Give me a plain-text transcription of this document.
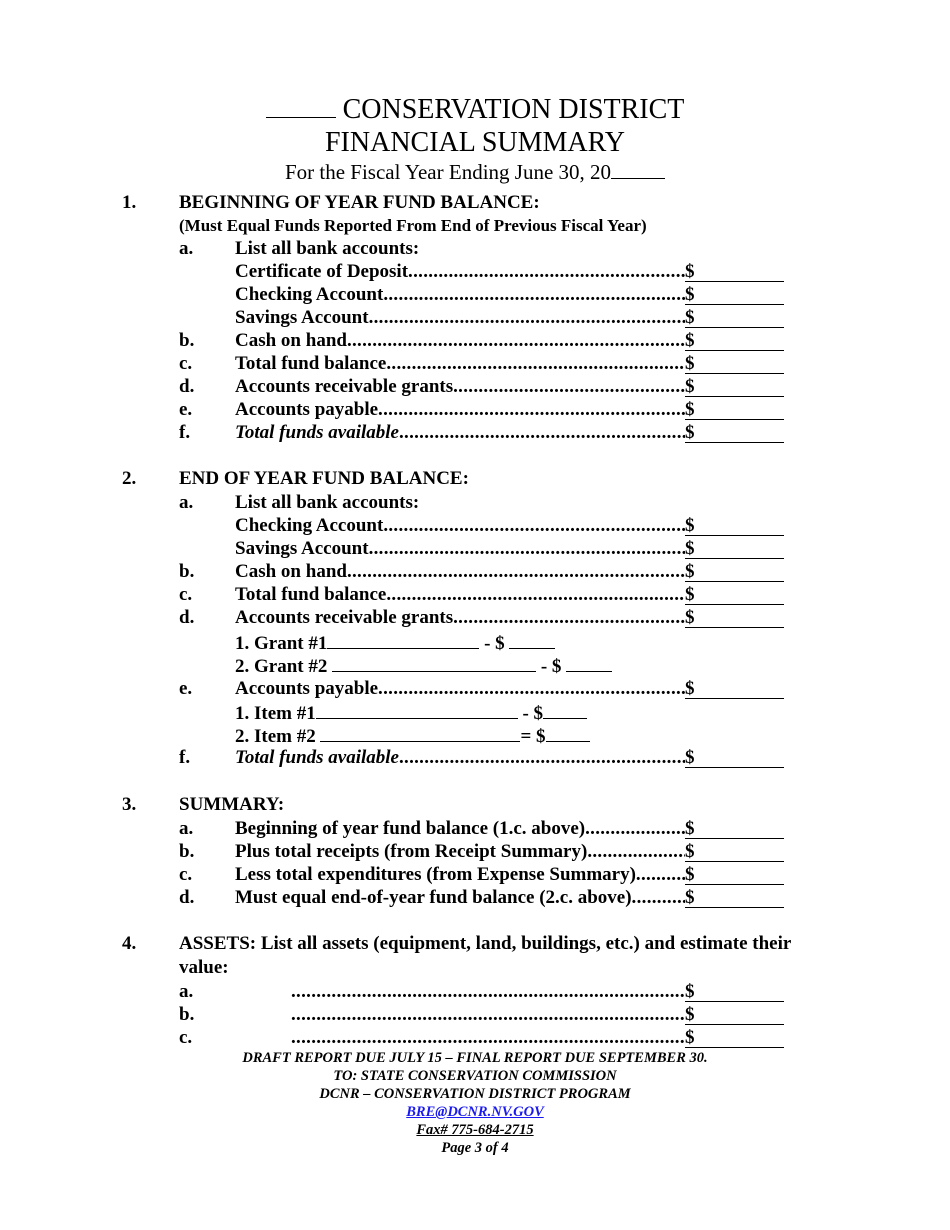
CONSERVATION DISTRICT
FINANCIAL SUMMARY
For the Fiscal Year Ending June 30, 20
1. BEGINNING OF YEAR FUND BALANCE:
(Must Equal Funds Reported From End of Previous Fiscal Year)
a. List all bank accounts:
Certificate of Deposit .....	$
Checking Account .....	$
Savings Account .....	$
b. Cash on hand .....	$
c. Total fund balance .....	$
d. Accounts receivable grants .....	$
e. Accounts payable .....	$
f. Total funds available .....	$
2. END OF YEAR FUND BALANCE:
a. List all bank accounts:
Checking Account .....	$
Savings Account .....	$
b. Cash on hand .....	$
c. Total fund balance .....	$
d. Accounts receivable grants .....	$
1. Grant #1	- $
2. Grant #2	- $
e. Accounts payable .....	$
1. Item #1	- $
2. Item #2	= $
f. Total funds available .....	$
3. SUMMARY:
a. Beginning of year fund balance (1.c. above) .....	$
b. Plus total receipts (from Receipt Summary) .....	$
c. Less total expenditures (from Expense Summary) .....	$
d. Must equal end-of-year fund balance (2.c. above) .....	$
4. ASSETS: List all assets (equipment, land, buildings, etc.) and estimate their
value:
a. .....	$
b. .....	$
c. .....	$
DRAFT REPORT DUE JULY 15 – FINAL REPORT DUE SEPTEMBER 30.
TO: STATE CONSERVATION COMMISSION
DCNR – CONSERVATION DISTRICT PROGRAM
BRE@DCNR.NV.GOV
Fax# 775-684-2715
Page 3 of 4
